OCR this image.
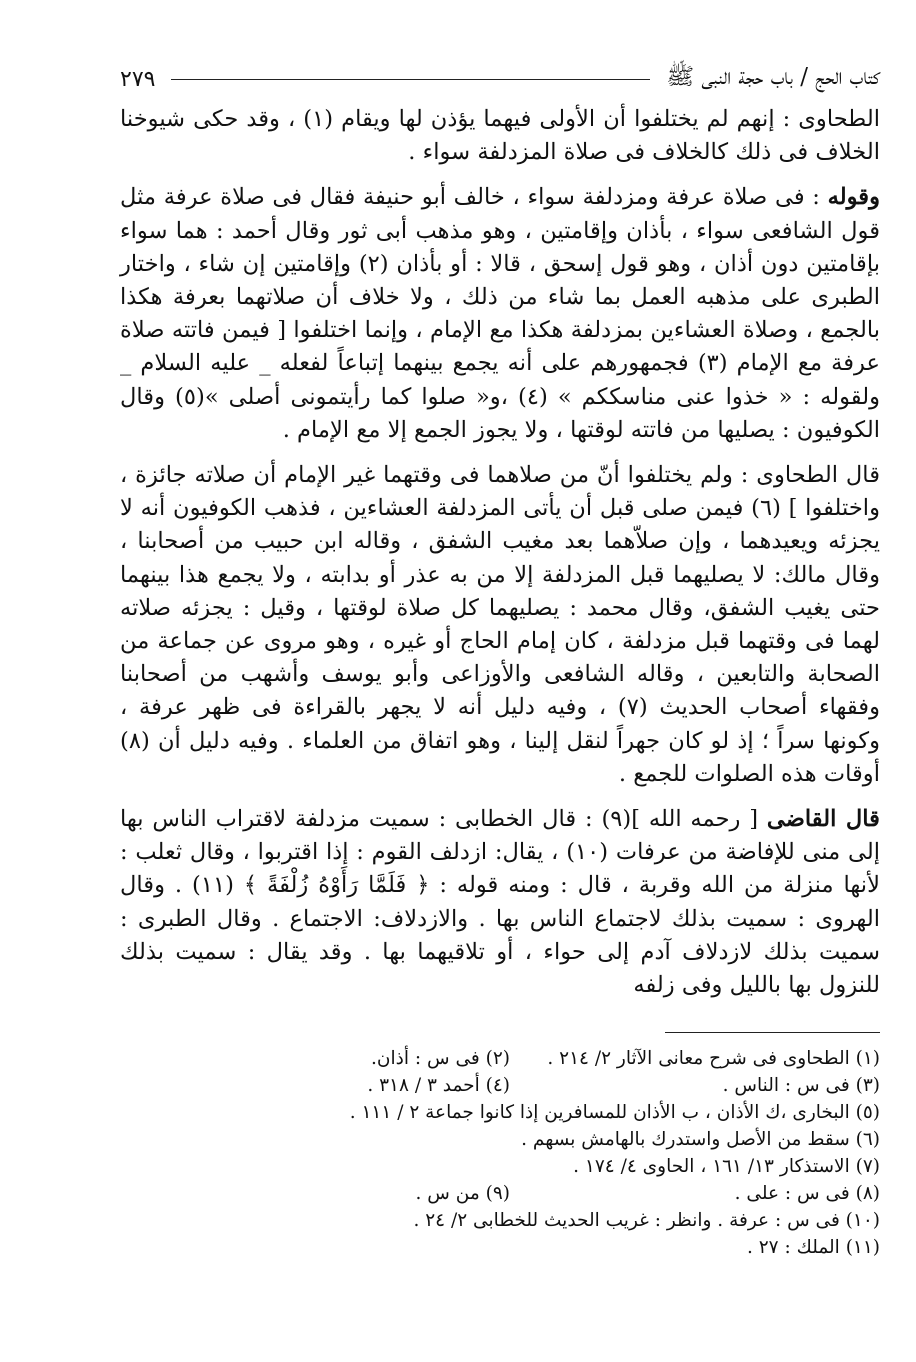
كتاب الحج / باب حجة النبى ﷺ
٢٧٩

الطحاوى : إنهم لم يختلفوا أن الأولى فيهما يؤذن لها ويقام (١) ، وقد حكى شيوخنا الخلاف فى ذلك كالخلاف فى صلاة المزدلفة سواء .

وقوله : فى صلاة عرفة ومزدلفة سواء ، خالف أبو حنيفة فقال فى صلاة عرفة مثل قول الشافعى سواء ، بأذان وإقامتين ، وهو مذهب أبى ثور وقال أحمد : هما سواء بإقامتين دون أذان ، وهو قول إسحق ، قالا : أو بأذان (٢) وإقامتين إن شاء ، واختار الطبرى على مذهبه العمل بما شاء من ذلك ، ولا خلاف أن صلاتهما بعرفة هكذا بالجمع ، وصلاة العشاءين بمزدلفة هكذا مع الإمام ، وإنما اختلفوا [ فيمن فاتته صلاة عرفة مع الإمام (٣) فجمهورهم على أنه يجمع بينهما إتباعاً لفعله _ عليه السلام _ ولقوله : « خذوا عنى مناسككم » (٤) ،و« صلوا كما رأيتمونى أصلى »(٥) وقال الكوفيون : يصليها من فاتته لوقتها ، ولا يجوز الجمع إلا مع الإمام .

قال الطحاوى : ولم يختلفوا أنّ من صلاهما فى وقتهما غير الإمام أن صلاته جائزة ، واختلفوا ] (٦) فيمن صلى قبل أن يأتى المزدلفة العشاءين ، فذهب الكوفيون أنه لا يجزئه ويعيدهما ، وإن صلاّهما بعد مغيب الشفق ، وقاله ابن حبيب من أصحابنا ، وقال مالك: لا يصليهما قبل المزدلفة إلا من به عذر أو بدابته ، ولا يجمع هذا بينهما حتى يغيب الشفق، وقال محمد : يصليهما كل صلاة لوقتها ، وقيل : يجزئه صلاته لهما فى وقتهما قبل مزدلفة ، كان إمام الحاج أو غيره ، وهو مروى عن جماعة من الصحابة والتابعين ، وقاله الشافعى والأوزاعى وأبو يوسف وأشهب من أصحابنا وفقهاء أصحاب الحديث (٧) ، وفيه دليل أنه لا يجهر بالقراءة فى ظهر عرفة ، وكونها سراً ؛ إذ لو كان جهراً لنقل إلينا ، وهو اتفاق من العلماء . وفيه دليل أن (٨) أوقات هذه الصلوات للجمع .

قال القاضى [ رحمه الله ](٩) : قال الخطابى : سميت مزدلفة لاقتراب الناس بها إلى منى للإفاضة من عرفات (١٠) ، يقال: ازدلف القوم : إذا اقتربوا ، وقال ثعلب : لأنها منزلة من الله وقربة ، قال : ومنه قوله : ﴿ فَلَمَّا رَأَوْهُ زُلْفَةً ﴾ (١١) . وقال الهروى : سميت بذلك لاجتماع الناس بها . والازدلاف: الاجتماع . وقال الطبرى : سميت بذلك لازدلاف آدم إلى حواء ، أو تلاقيهما بها . وقد يقال : سميت بذلك للنزول بها بالليل وفى زلفه

(١) الطحاوى فى شرح معانى الآثار ٢/ ٢١٤ .
(٢) فى س : أذان.
(٣) فى س : الناس .
(٤) أحمد ٣ / ٣١٨ .
(٥) البخارى ،ك الأذان ، ب الأذان للمسافرين إذا كانوا جماعة ٢ / ١١١ .
(٦) سقط من الأصل واستدرك بالهامش بسهم .
(٧) الاستذكار ١٣/ ١٦١ ، الحاوى ٤/ ١٧٤ .
(٨) فى س : على .
(٩) من س .
(١٠) فى س : عرفة . وانظر : غريب الحديث للخطابى ٢/ ٢٤ .
(١١) الملك : ٢٧ .
